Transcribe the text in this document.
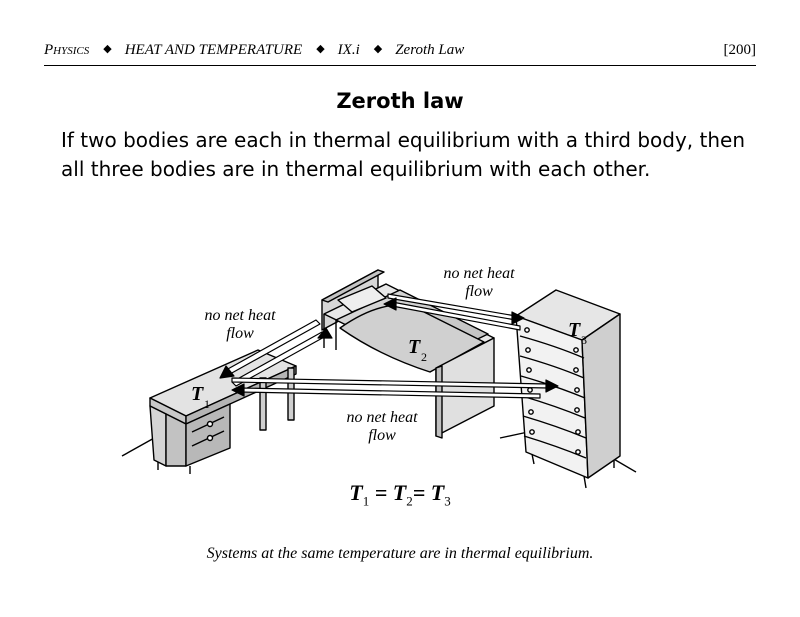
Physics ◆ HEAT AND TEMPERATURE ◆ IX.i ◆ Zeroth Law	[200]
Zeroth law
If two bodies are each in thermal equilibrium with a third body, then all three bodies are in thermal equilibrium with each other.
no net heat
flow
no net heat
flow
no net heat
flow
T 1
T 2
T 3
$T_1 = T_2= T_3$
Systems at the same temperature are in thermal equilibrium.
